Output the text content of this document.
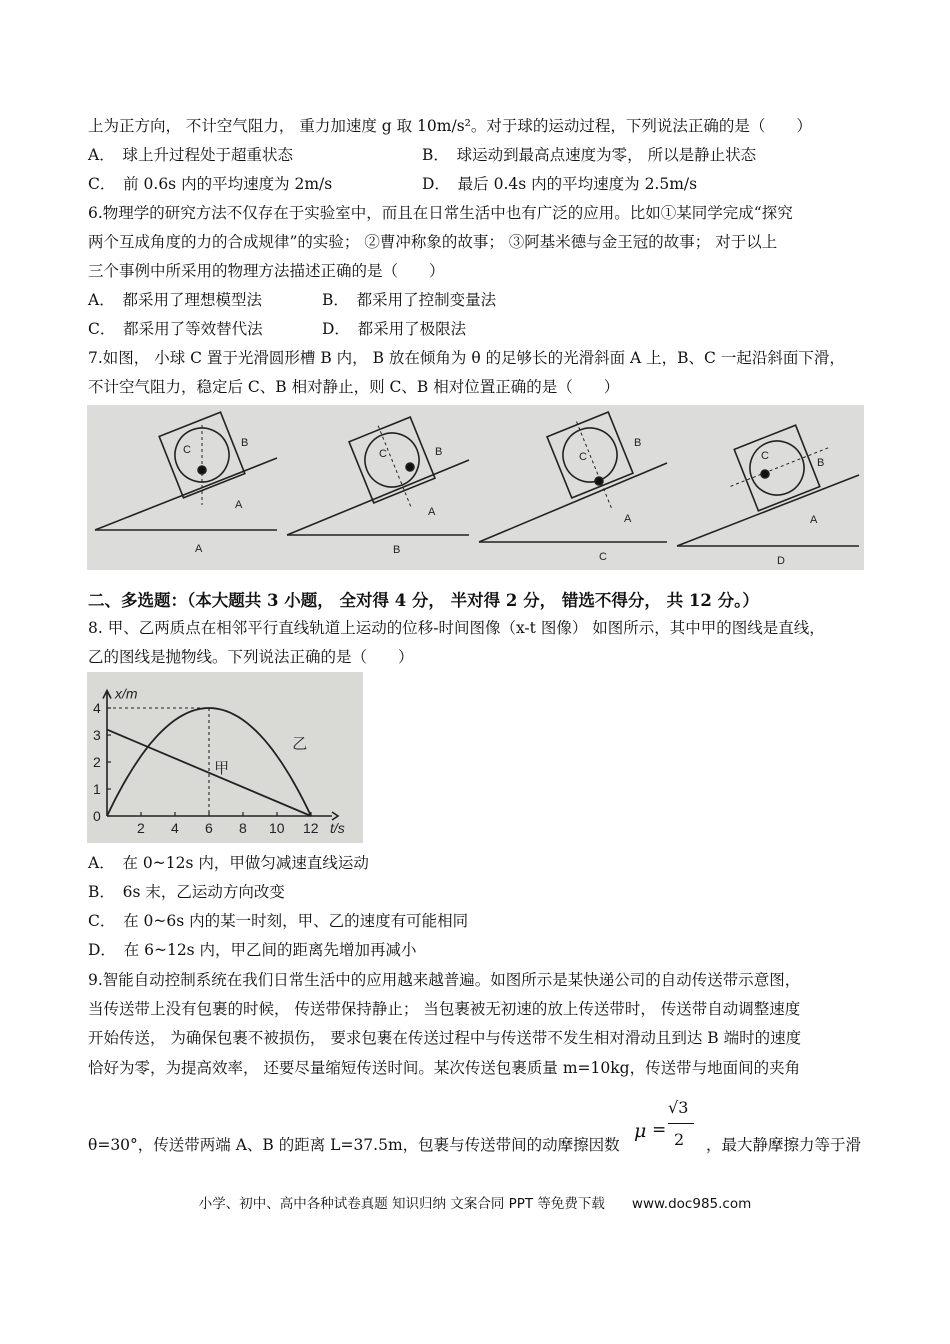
上为正方向， 不计空气阻力， 重力加速度 g 取 10m/s²。对于球的运动过程，下列说法正确的是（　　）
A．　球上升过程处于超重状态	B．　球运动到最高点速度为零， 所以是静止状态
C．　前 0.6s 内的平均速度为 2m/s	D．　最后 0.4s 内的平均速度为 2.5m/s
6.物理学的研究方法不仅存在于实验室中，而且在日常生活中也有广泛的应用。比如①某同学完成“探究
两个互成角度的力的合成规律”的实验； ②曹冲称象的故事； ③阿基米德与金王冠的故事； 对于以上
三个事例中所采用的物理方法描述正确的是（　　）
A．　都采用了理想模型法	B．　都采用了控制变量法
C．　都采用了等效替代法	D．　都采用了极限法
7.如图， 小球 C 置于光滑圆形槽 B 内， B 放在倾角为 θ 的足够长的光滑斜面 A 上，B、C 一起沿斜面下滑，
不计空气阻力，稳定后 C、B 相对静止，则 C、B 相对位置正确的是（　　）
C
B
A
A
C	B
A
B
C
B
A
C
C
B
A
D
二、多选题：（本大题共 3 小题， 全对得 4 分， 半对得 2 分， 错选不得分， 共 12 分。）
8. 甲、乙两质点在相邻平行直线轨道上运动的位移-时间图像（x-t 图像） 如图所示，其中甲的图线是直线，
乙的图线是抛物线。下列说法正确的是（　　）
2 4 6 8 10 12
0
1
2
3
4
x/m
t/s
甲
乙
A．　在 0~12s 内，甲做匀减速直线运动
B．　6s 末，乙运动方向改变
C．　在 0~6s 内的某一时刻，甲、乙的速度有可能相同
D．　在 6~12s 内，甲乙间的距离先增加再减小
9.智能自动控制系统在我们日常生活中的应用越来越普遍。如图所示是某快递公司的自动传送带示意图，
当传送带上没有包裹的时候， 传送带保持静止； 当包裹被无初速的放上传送带时， 传送带自动调整速度
开始传送， 为确保包裹不被损伤， 要求包裹在传送过程中与传送带不发生相对滑动且到达 B 端时的速度
恰好为零，为提高效率， 还要尽量缩短传送时间。某次传送包裹质量 m=10kg，传送带与地面间的夹角
θ=30°，传送带两端 A、B 的距离 L=37.5m，包裹与传送带间的动摩擦因数
μ =
√3
2 ，最大静摩擦力等于滑
小学、初中、高中各种试卷真题 知识归纳 文案合同 PPT 等免费下载　　www.doc985.com
